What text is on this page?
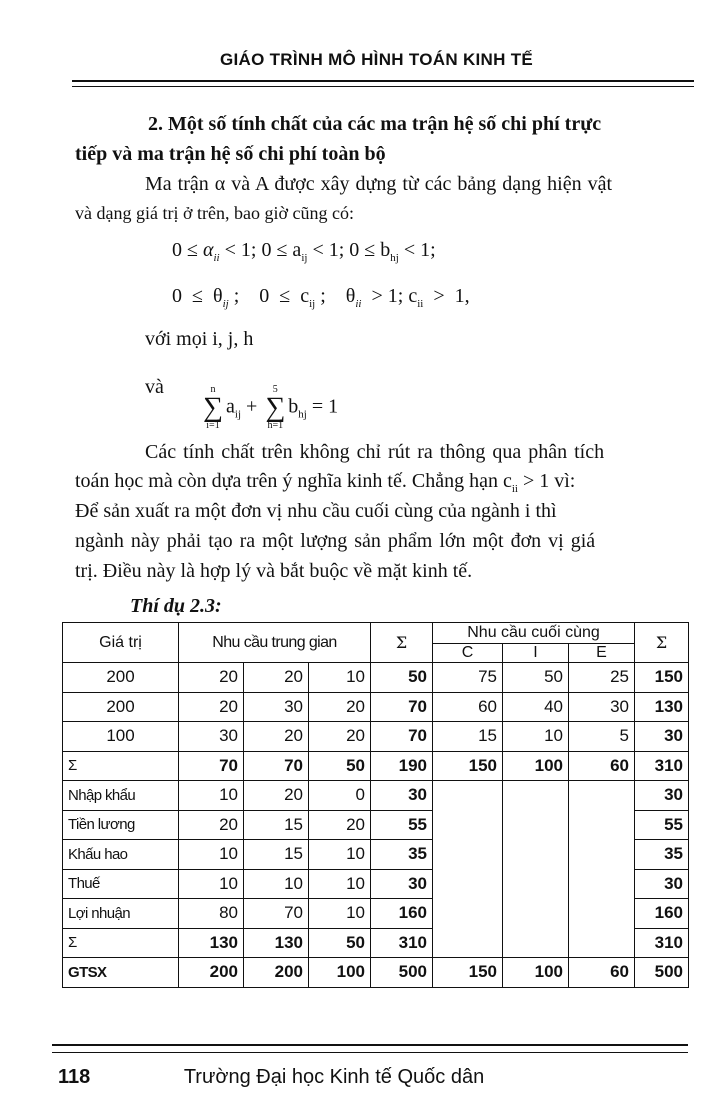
GIÁO TRÌNH MÔ HÌNH TOÁN KINH TẾ
2. Một số tính chất của các ma trận hệ số chi phí trực
tiếp và ma trận hệ số chi phí toàn bộ
Ma trận α và A được xây dựng từ các bảng dạng hiện vật
và dạng giá trị ở trên, bao giờ cũng có:
$0 \le \alpha_{ii} < 1$; $0 \le a_{ij} < 1$; $0 \le b_{hj} < 1$;
$0 \le \theta_{ij}$ ;    $0 \le c_{ij}$ ;    $\theta_{ii} > 1$; $c_{ii} > 1$,
với mọi i, j, h
và

	n
∑
i=1
$a_{ij}$ +
5
∑
h=1
$b_{hj} = 1$

Các tính chất trên không chỉ rút ra thông qua phân tích
toán học mà còn dựa trên ý nghĩa kinh tế. Chẳng hạn $c_{ii} > 1$ vì:
Để sản xuất ra một đơn vị nhu cầu cuối cùng của ngành i thì
ngành này phải tạo ra một lượng sản phẩm lớn một đơn vị giá
trị. Điều này là hợp lý và bắt buộc về mặt kinh tế.
Thí dụ 2.3:
Giá trị	Nhu cầu trung gian			Σ	Nhu cầu cuối cùng			Σ
					C	I	E	
200	20	20	10	50	75	50	25	150
200	20	30	20	70	60	40	30	130
100	30	20	20	70	15	10	5	30
Σ	70	70	50	190	150	100	60	310
Nhập khẩu	10	20	0	30				30
Tiền lương	20	15	20	55				55
Khấu hao	10	15	10	35				35
Thuế	10	10	10	30				30
Lợi nhuận	80	70	10	160				160
Σ	130	130	50	310				310
GTSX	200	200	100	500	150	100	60	500
118	Trường Đại học Kinh tế Quốc dân
